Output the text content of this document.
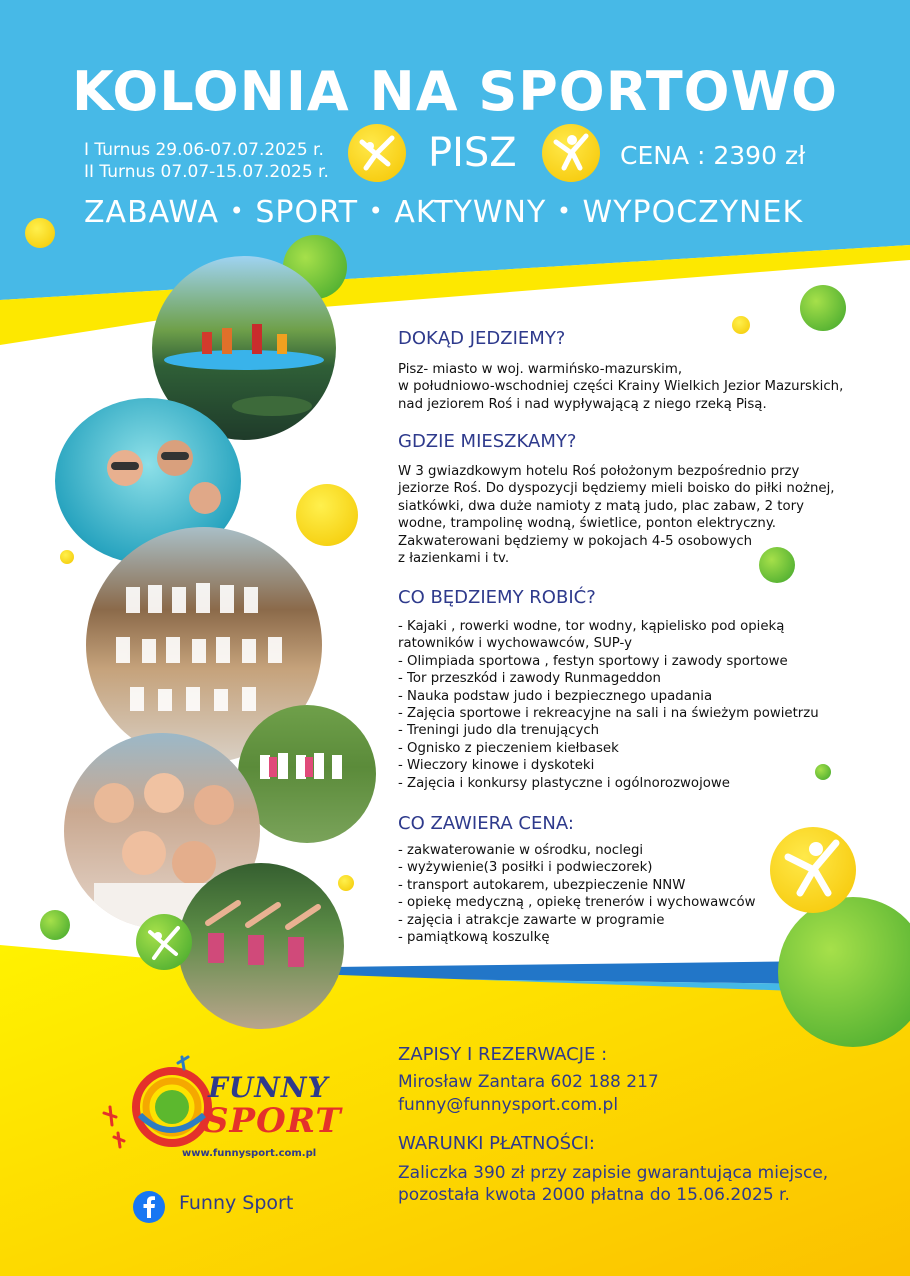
KOLONIA NA SPORTOWO
I Turnus 29.06-07.07.2025 r.
II Turnus 07.07-15.07.2025 r. PISZ	CENA : 2390 zł
ZABAWA • SPORT • AKTYWNY • WYPOCZYNEK
DOKĄD JEDZIEMY?
Pisz- miasto w woj. warmińsko-mazurskim,
w południowo-wschodniej części Krainy Wielkich Jezior Mazurskich,
nad jeziorem Roś i nad wypływającą z niego rzeką Pisą.
GDZIE MIESZKAMY?
W 3 gwiazdkowym hotelu Roś położonym bezpośrednio przy
jeziorze Roś. Do dyspozycji będziemy mieli boisko do piłki nożnej,
siatkówki, dwa duże namioty z matą judo, plac zabaw, 2 tory
wodne, trampolinę wodną, świetlice, ponton elektryczny.
Zakwaterowani będziemy w pokojach 4-5 osobowych
z łazienkami i tv.
CO BĘDZIEMY ROBIĆ?
- Kajaki , rowerki wodne, tor wodny, kąpielisko pod opieką
ratowników i wychowawców, SUP-y
- Olimpiada sportowa , festyn sportowy i zawody sportowe
- Tor przeszkód i zawody Runmageddon
- Nauka podstaw judo i bezpiecznego upadania
- Zajęcia sportowe i rekreacyjne na sali i na świeżym powietrzu
- Treningi judo dla trenujących
- Ognisko z pieczeniem kiełbasek
- Wieczory kinowe i dyskoteki
- Zajęcia i konkursy plastyczne i ogólnorozwojowe
CO ZAWIERA CENA:
- zakwaterowanie w ośrodku, noclegi
- wyżywienie(3 posiłki i podwieczorek)
- transport autokarem, ubezpieczenie NNW
- opiekę medyczną , opiekę trenerów i wychowawców
- zajęcia i atrakcje zawarte w programie
- pamiątkową koszulkę
ZAPISY I REZERWACJE :
Mirosław Zantara 602 188 217
funny@funnysport.com.pl
WARUNKI PŁATNOŚCI:
Zaliczka 390 zł przy zapisie gwarantująca miejsce,
pozostała kwota 2000 płatna do 15.06.2025 r.
FUNNY
SPORT
www.funnysport.com.pl
Funny Sport
